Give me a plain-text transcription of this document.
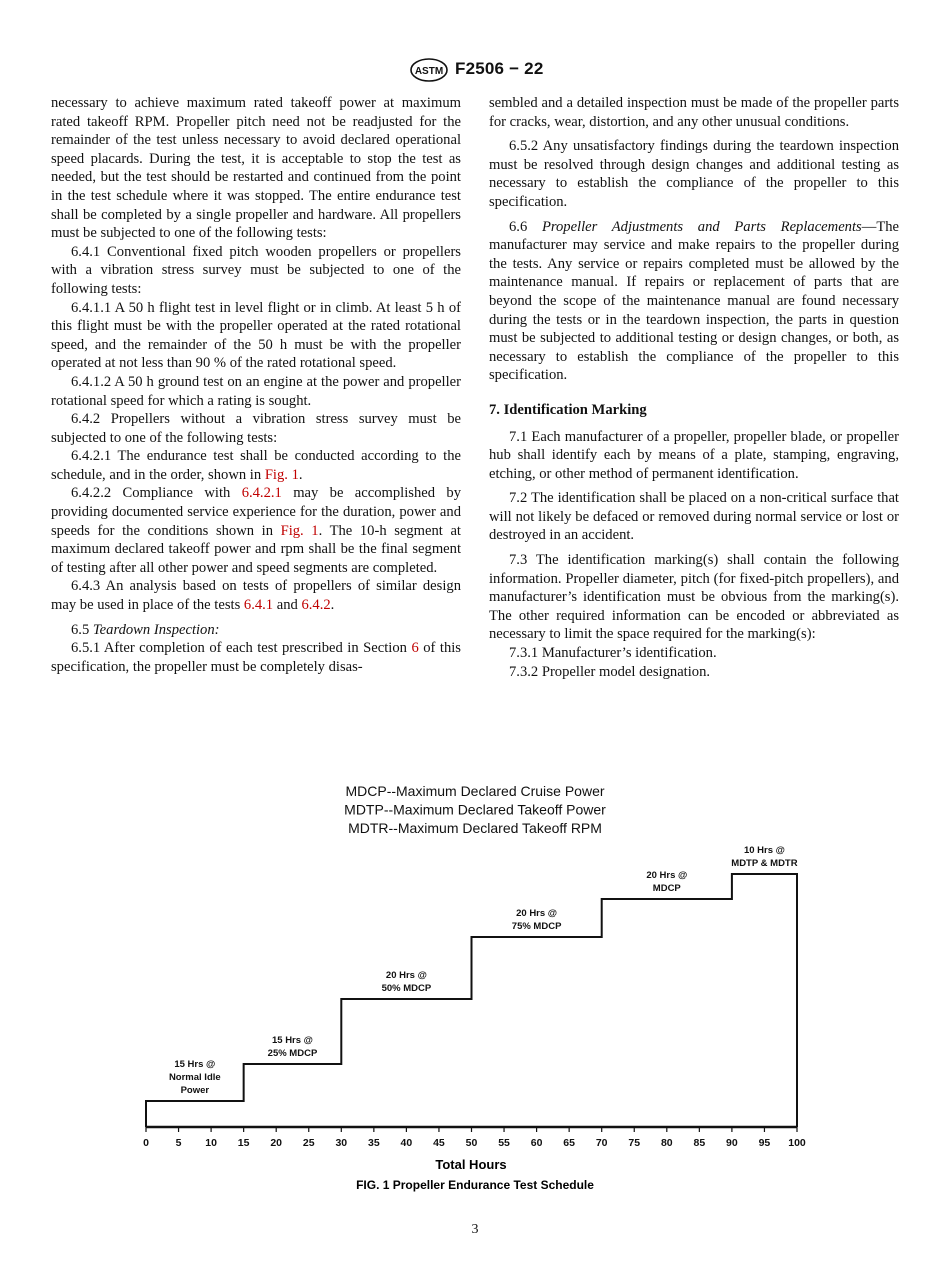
ASTM F2506 − 22

necessary to achieve maximum rated takeoff power at maximum rated takeoff RPM. Propeller pitch need not be readjusted for the remainder of the test unless necessary to avoid declared operational speed placards. During the test, it is acceptable to stop the test as needed, but the test should be restarted and continued from the point in the test schedule where it was stopped. The entire endurance test shall be completed by a single propeller and hardware. All propellers must be subjected to one of the following tests:

6.4.1 Conventional fixed pitch wooden propellers or propellers with a vibration stress survey must be subjected to one of the following tests:

6.4.1.1 A 50 h flight test in level flight or in climb. At least 5 h of this flight must be with the propeller operated at the rated rotational speed, and the remainder of the 50 h must be with the propeller operated at not less than 90 % of the rated rotational speed.

6.4.1.2 A 50 h ground test on an engine at the power and propeller rotational speed for which a rating is sought.

6.4.2 Propellers without a vibration stress survey must be subjected to one of the following tests:

6.4.2.1 The endurance test shall be conducted according to the schedule, and in the order, shown in Fig. 1.

6.4.2.2 Compliance with 6.4.2.1 may be accomplished by providing documented service experience for the duration, power and speeds for the conditions shown in Fig. 1. The 10-h segment at maximum declared takeoff power and rpm shall be the final segment of testing after all other power and speed segments are completed.

6.4.3 An analysis based on tests of propellers of similar design may be used in place of the tests 6.4.1 and 6.4.2.

6.5 Teardown Inspection:

6.5.1 After completion of each test prescribed in Section 6 of this specification, the propeller must be completely disas-

sembled and a detailed inspection must be made of the propeller parts for cracks, wear, distortion, and any other unusual conditions.

6.5.2 Any unsatisfactory findings during the teardown inspection must be resolved through design changes and additional testing as necessary to establish the compliance of the propeller to this specification.

6.6 Propeller Adjustments and Parts Replacements—The manufacturer may service and make repairs to the propeller during the tests. Any service or repairs completed must be allowed by the maintenance manual. If repairs or replacement of parts that are beyond the scope of the maintenance manual are found necessary during the tests or in the teardown inspection, the parts in question must be subjected to additional testing or design changes, or both, as necessary to establish the compliance of the propeller to this specification.

7. Identification Marking

7.1 Each manufacturer of a propeller, propeller blade, or propeller hub shall identify each by means of a plate, stamping, engraving, etching, or other method of permanent identification.

7.2 The identification shall be placed on a non-critical surface that will not likely be defaced or removed during normal service or lost or destroyed in an accident.

7.3 The identification marking(s) shall contain the following information. Propeller diameter, pitch (for fixed-pitch propellers), and manufacturer’s identification must be obvious from the marking(s). The other required information can be encoded or abbreviated as necessary to limit the space required for the marking(s):

7.3.1 Manufacturer’s identification.

7.3.2 Propeller model designation.

MDCP--Maximum Declared Cruise Power
MDTP--Maximum Declared Takeoff Power
MDTR--Maximum Declared Takeoff RPM
15 Hrs @
Normal Idle
Power
15 Hrs @
25% MDCP
20 Hrs @
50% MDCP
20 Hrs @
75% MDCP
20 Hrs @
MDCP
10 Hrs @
MDTP & MDTR
0	5 10 15 20 25 30 35 40 45 50 55 60 65 70 75 80 85 90 95 100
Total Hours
FIG. 1 Propeller Endurance Test Schedule
3
